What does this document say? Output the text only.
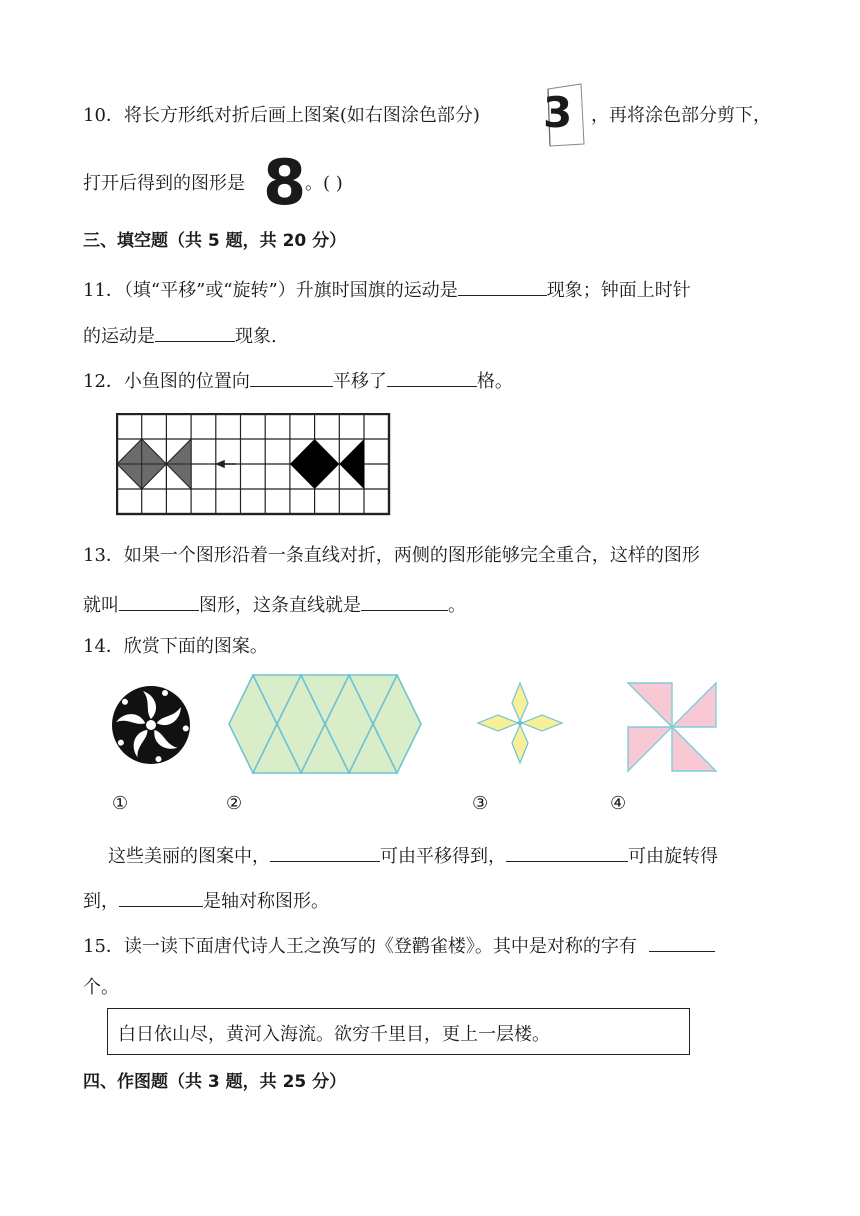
10．将长方形纸对折后画上图案(如右图涂色部分) 3 ，再将涂色部分剪下，
打开后得到的图形是 8
。( )
三、填空题（共 5 题，共 20 分）
11．（填“平移”或“旋转”）升旗时国旗的运动是	现象；钟面上时针
的运动是	现象.
12．小鱼图的位置向	平移了	格。
13．如果一个图形沿着一条直线对折，两侧的图形能够完全重合，这样的图形
就叫	图形，这条直线就是	。
14．欣赏下面的图案。
①	②	③	④
这些美丽的图案中，	可由平移得到，	可由旋转得
到，	是轴对称图形。
15．读一读下面唐代诗人王之涣写的《登鹳雀楼》。其中是对称的字有
个。
白日依山尽，黄河入海流。欲穷千里目，更上一层楼。
四、作图题（共 3 题，共 25 分）
